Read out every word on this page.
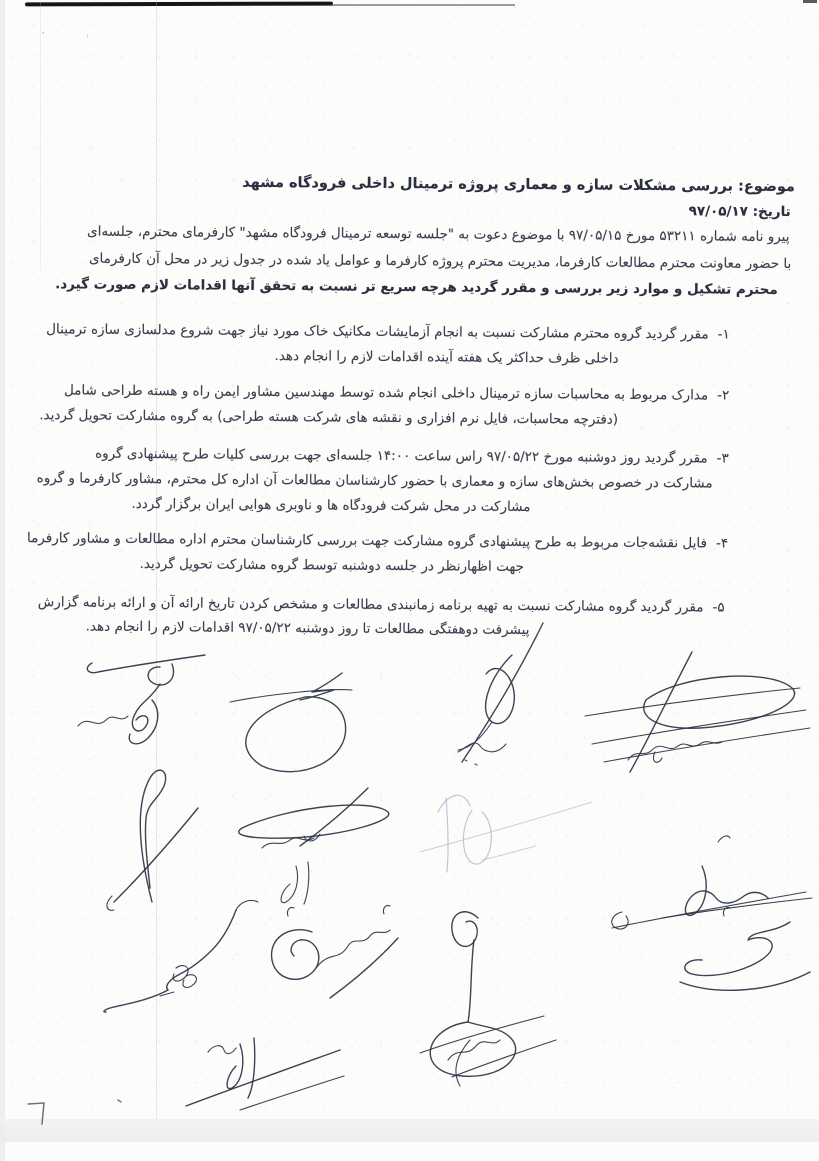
موضوع: بررسی مشکلات سازه و معماری پروژه ترمینال داخلی فرودگاه مشهد
تاریخ: ۹۷/۰۵/۱۷
پیرو نامه شماره ۵۳۲۱۱ مورخ ۹۷/۰۵/۱۵ با موضوع دعوت به "جلسه توسعه ترمینال فرودگاه مشهد" کارفرمای محترم، جلسه‌ای
با حضور معاونت محترم مطالعات کارفرما، مدیریت محترم پروژه کارفرما و عوامل یاد شده در جدول زیر در محل آن کارفرمای
محترم تشکیل و موارد زیر بررسی و مقرر گردید هرچه سریع تر نسبت به تحقق آنها اقدامات لازم صورت گیرد.
۱-مقرر گردید گروه محترم مشارکت نسبت به انجام آزمایشات مکانیک خاک مورد نیاز جهت شروع مدلسازی سازه ترمینال
داخلی ظرف حداکثر یک هفته آینده اقدامات لازم را انجام دهد.
۲-مدارک مربوط به محاسبات سازه ترمینال داخلی انجام شده توسط مهندسین مشاور ایمن راه و هسته طراحی شامل
(دفترچه محاسبات، فایل نرم افزاری و نقشه های شرکت هسته طراحی) به گروه مشارکت تحویل گردید.
۳-مقرر گردید روز دوشنبه مورخ ۹۷/۰۵/۲۲ راس ساعت ۱۴:۰۰ جلسه‌ای جهت بررسی کلیات طرح پیشنهادی گروه
مشارکت در خصوص بخش‌های سازه و معماری با حضور کارشناسان مطالعات آن اداره کل محترم، مشاور کارفرما و گروه
مشارکت در محل شرکت فرودگاه ها و ناوبری هوایی ایران برگزار گردد.
۴-فایل نقشه‌جات مربوط به طرح پیشنهادی گروه مشارکت جهت بررسی کارشناسان محترم اداره مطالعات و مشاور کارفرما
جهت اظهارنظر در جلسه دوشنبه توسط گروه مشارکت تحویل گردید.
۵-مقرر گردید گروه مشارکت نسبت به تهیه برنامه زمانبندی مطالعات و مشخص کردن تاریخ ارائه آن و ارائه برنامه گزارش
پیشرفت دوهفتگی مطالعات تا روز دوشنبه ۹۷/۰۵/۲۲ اقدامات لازم را انجام دهد.
